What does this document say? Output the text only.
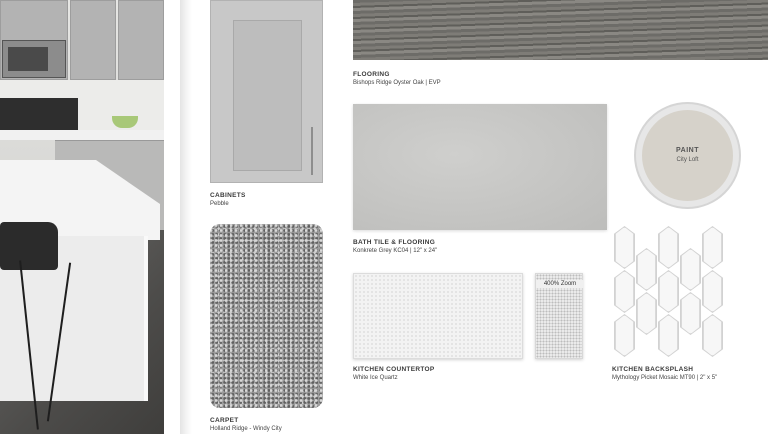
CABINETS
Pebble
FLOORING
Bishops Ridge Oyster Oak | EVP
BATH TILE & FLOORING
Konkrete Grey KC04 | 12" x 24"
PAINT
City Loft
CARPET
Holland Ridge - Windy City
400% Zoom
KITCHEN COUNTERTOP
White Ice Quartz
KITCHEN BACKSPLASH
Mythology Picket Mosaic MT90 | 2" x 5"
